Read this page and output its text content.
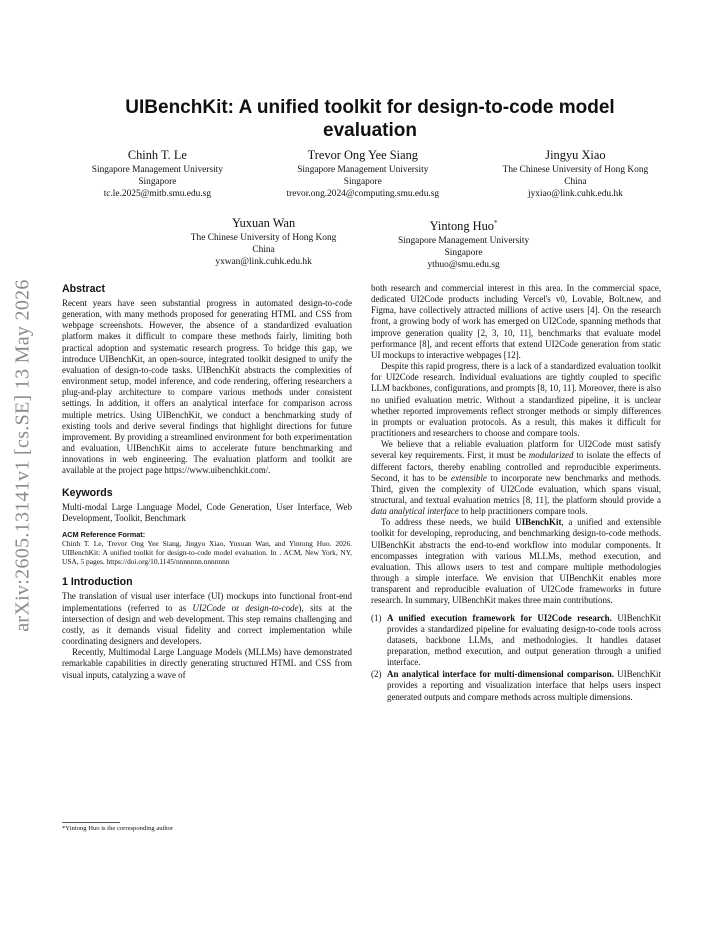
arXiv:2605.13141v1 [cs.SE] 13 May 2026
UIBenchKit: A unified toolkit for design-to-code model evaluation
Chinh T. Le
Singapore Management University
Singapore
tc.le.2025@mitb.smu.edu.sg
Trevor Ong Yee Siang
Singapore Management University
Singapore
trevor.ong.2024@computing.smu.edu.sg
Jingyu Xiao
The Chinese University of Hong Kong
China
jyxiao@link.cuhk.edu.hk
Yuxuan Wan
The Chinese University of Hong Kong
China
yxwan@link.cuhk.edu.hk
Yintong Huo*
Singapore Management University
Singapore
ythuo@smu.edu.sg
Abstract

Recent years have seen substantial progress in automated design-to-code generation, with many methods proposed for generating HTML and CSS from webpage screenshots. However, the absence of a standardized evaluation platform makes it difficult to compare these methods fairly, limiting both practical adoption and systematic research progress. To bridge this gap, we introduce UIBenchKit, an open-source, integrated toolkit designed to unify the evaluation of design-to-code tasks. UIBenchKit abstracts the complexities of environment setup, model inference, and code rendering, offering researchers a plug-and-play architecture to compare various methods under consistent settings. In addition, it offers an analytical interface for comparison across multiple metrics. Using UIBenchKit, we conduct a benchmarking study of existing tools and derive several findings that highlight directions for future improvement. By providing a streamlined environment for both experimentation and evaluation, UIBenchKit aims to accelerate future benchmarking and innovations in web engineering. The evaluation platform and toolkit are available at the project page https://www.uibenchkit.com/.

Keywords

Multi-modal Large Language Model, Code Generation, User Interface, Web Development, Toolkit, Benchmark

ACM Reference Format:

Chinh T. Le, Trevor Ong Yee Siang, Jingyu Xiao, Yuxuan Wan, and Yintong Huo. 2026. UIBenchKit: A unified toolkit for design-to-code model evaluation. In . ACM, New York, NY, USA, 5 pages. https://doi.org/10.1145/nnnnnnn.nnnnnnn

1 Introduction

The translation of visual user interface (UI) mockups into functional front-end implementations (referred to as UI2Code or design-to-code), sits at the intersection of design and web development. This step remains challenging and costly, as it demands visual fidelity and correct implementation while coordinating designers and developers.

Recently, Multimodal Large Language Models (MLLMs) have demonstrated remarkable capabilities in directly generating structured HTML and CSS from visual inputs, catalyzing a wave of

both research and commercial interest in this area. In the commercial space, dedicated UI2Code products including Vercel's v0, Lovable, Bolt.new, and Figma, have collectively attracted millions of active users [4]. On the research front, a growing body of work has emerged on UI2Code, spanning methods that improve generation quality [2, 3, 10, 11], benchmarks that evaluate model performance [8], and recent efforts that extend UI2Code generation from static UI mockups to interactive webpages [12].

Despite this rapid progress, there is a lack of a standardized evaluation toolkit for UI2Code research. Individual evaluations are tightly coupled to specific LLM backbones, configurations, and prompts [8, 10, 11]. Moreover, there is also no unified evaluation metric. Without a standardized pipeline, it is unclear whether reported improvements reflect stronger methods or simply differences in prompts or evaluation protocols. As a result, this makes it difficult for practitioners and researchers to choose and compare tools.

We believe that a reliable evaluation platform for UI2Code must satisfy several key requirements. First, it must be modularized to isolate the effects of different factors, thereby enabling controlled and reproducible experiments. Second, it has to be extensible to incorporate new benchmarks and methods. Third, given the complexity of UI2Code evaluation, which spans visual, structural, and textual evaluation metrics [8, 11], the platform should provide a data analytical interface to help practitioners compare tools.

To address these needs, we build UIBenchKit, a unified and extensible toolkit for developing, reproducing, and benchmarking design-to-code methods. UIBenchKit abstracts the end-to-end workflow into modular components. It encompasses integration with various MLLMs, method execution, and evaluation. This allows users to test and compare multiple methodologies through a simple interface. We envision that UIBenchKit enables more transparent and reproducible evaluation of UI2Code frameworks in future research. In summary, UIBenchKit makes three main contributions.

(1) A unified execution framework for UI2Code research. UIBenchKit provides a standardized pipeline for evaluating design-to-code tools across datasets, backbone LLMs, and methodologies. It handles dataset preparation, method execution, and output generation through a unified interface.
(2) An analytical interface for multi-dimensional comparison. UIBenchKit provides a reporting and visualization interface that helps users inspect generated outputs and compare methods across multiple dimensions.
*Yintong Huo is the corresponding author
